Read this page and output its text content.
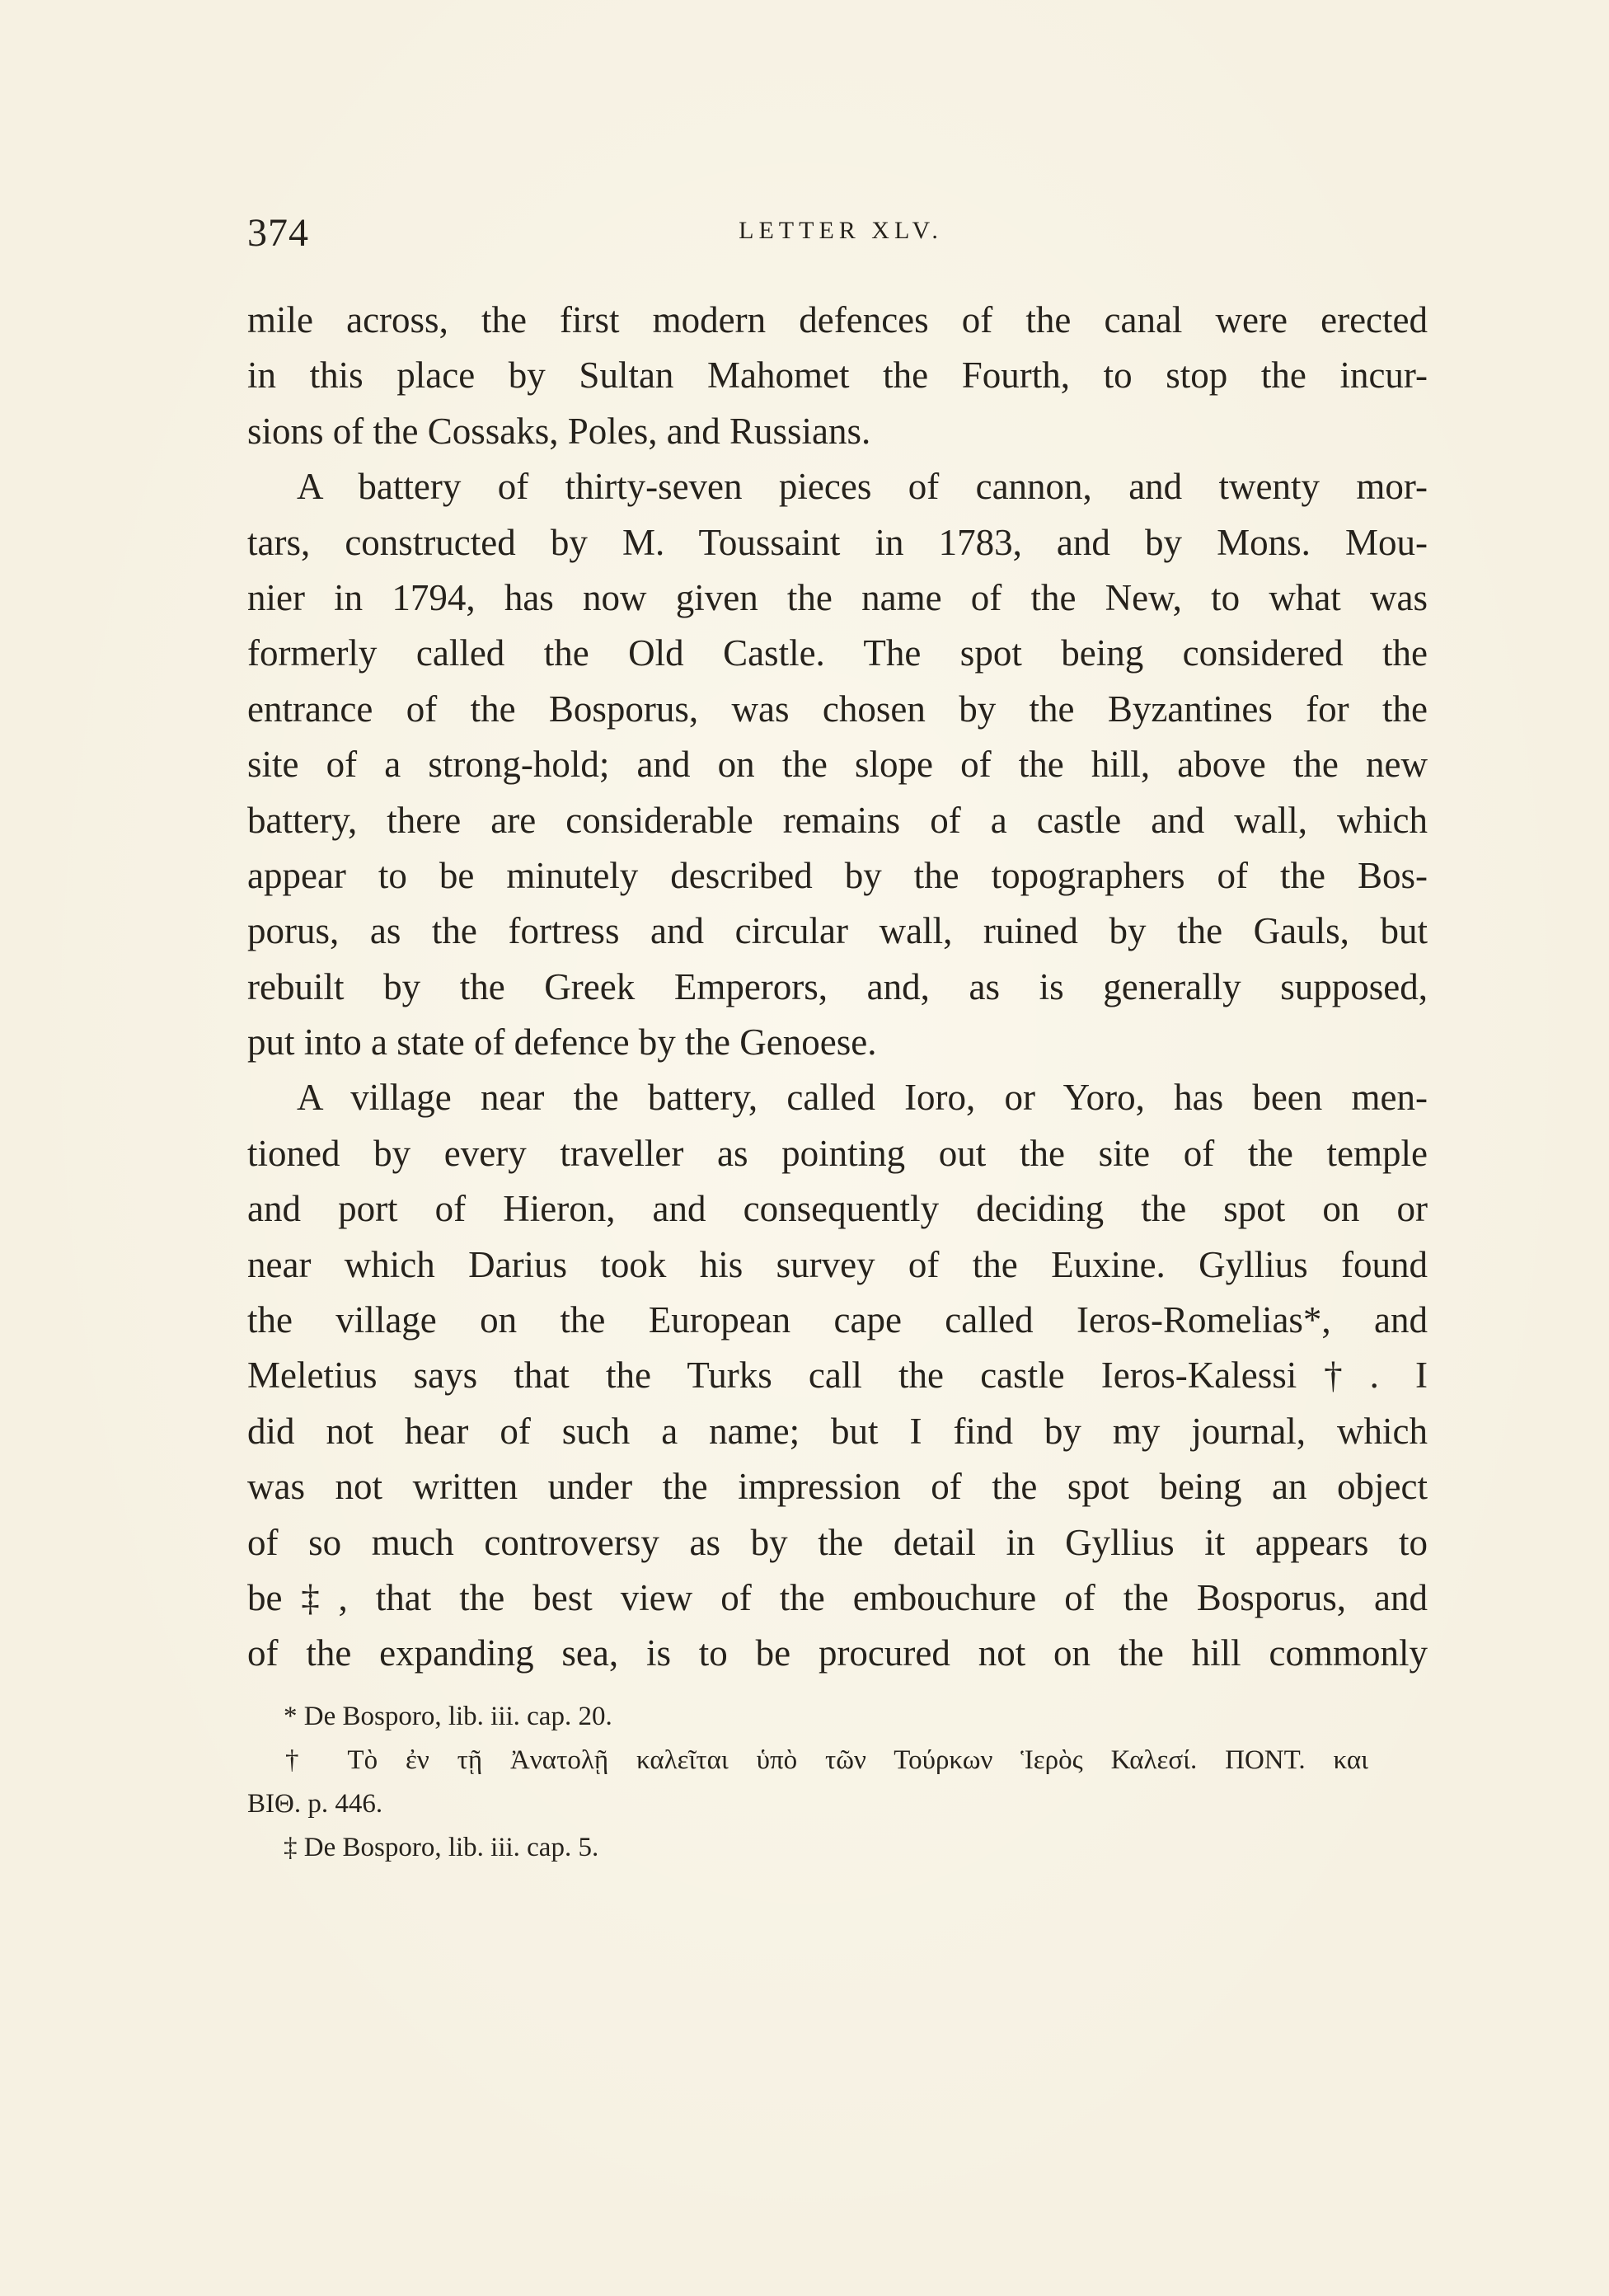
374	LETTER XLV.
mile across, the first modern defences of the canal were erected
in this place by Sultan Mahomet the Fourth, to stop the incur-
sions of the Cossaks, Poles, and Russians.
A battery of thirty-seven pieces of cannon, and twenty mor-
tars, constructed by M. Toussaint in 1783, and by Mons. Mou-
nier in 1794, has now given the name of the New, to what was
formerly called the Old Castle. The spot being considered the
entrance of the Bosporus, was chosen by the Byzantines for the
site of a strong-hold; and on the slope of the hill, above the new
battery, there are considerable remains of a castle and wall, which
appear to be minutely described by the topographers of the Bos-
porus, as the fortress and circular wall, ruined by the Gauls, but
rebuilt by the Greek Emperors, and, as is generally supposed,
put into a state of defence by the Genoese.
A village near the battery, called Ioro, or Yoro, has been men-
tioned by every traveller as pointing out the site of the temple
and port of Hieron, and consequently deciding the spot on or
near which Darius took his survey of the Euxine. Gyllius found
the village on the European cape called Ieros-Romelias*, and
Meletius says that the Turks call the castle Ieros-Kalessi†. I
did not hear of such a name; but I find by my journal, which
was not written under the impression of the spot being an object
of so much controversy as by the detail in Gyllius it appears to
be‡, that the best view of the embouchure of the Bosporus, and
of the expanding sea, is to be procured not on the hill commonly
* De Bosporo, lib. iii. cap. 20.
† Τὸ ἐν τῇ Ἀνατολῇ καλεῖται ὑπὸ τῶν Τούρκων Ἱερὸς Καλεσί. ΠΟΝΤ. και
ΒΙΘ. p. 446.
‡ De Bosporo, lib. iii. cap. 5.
